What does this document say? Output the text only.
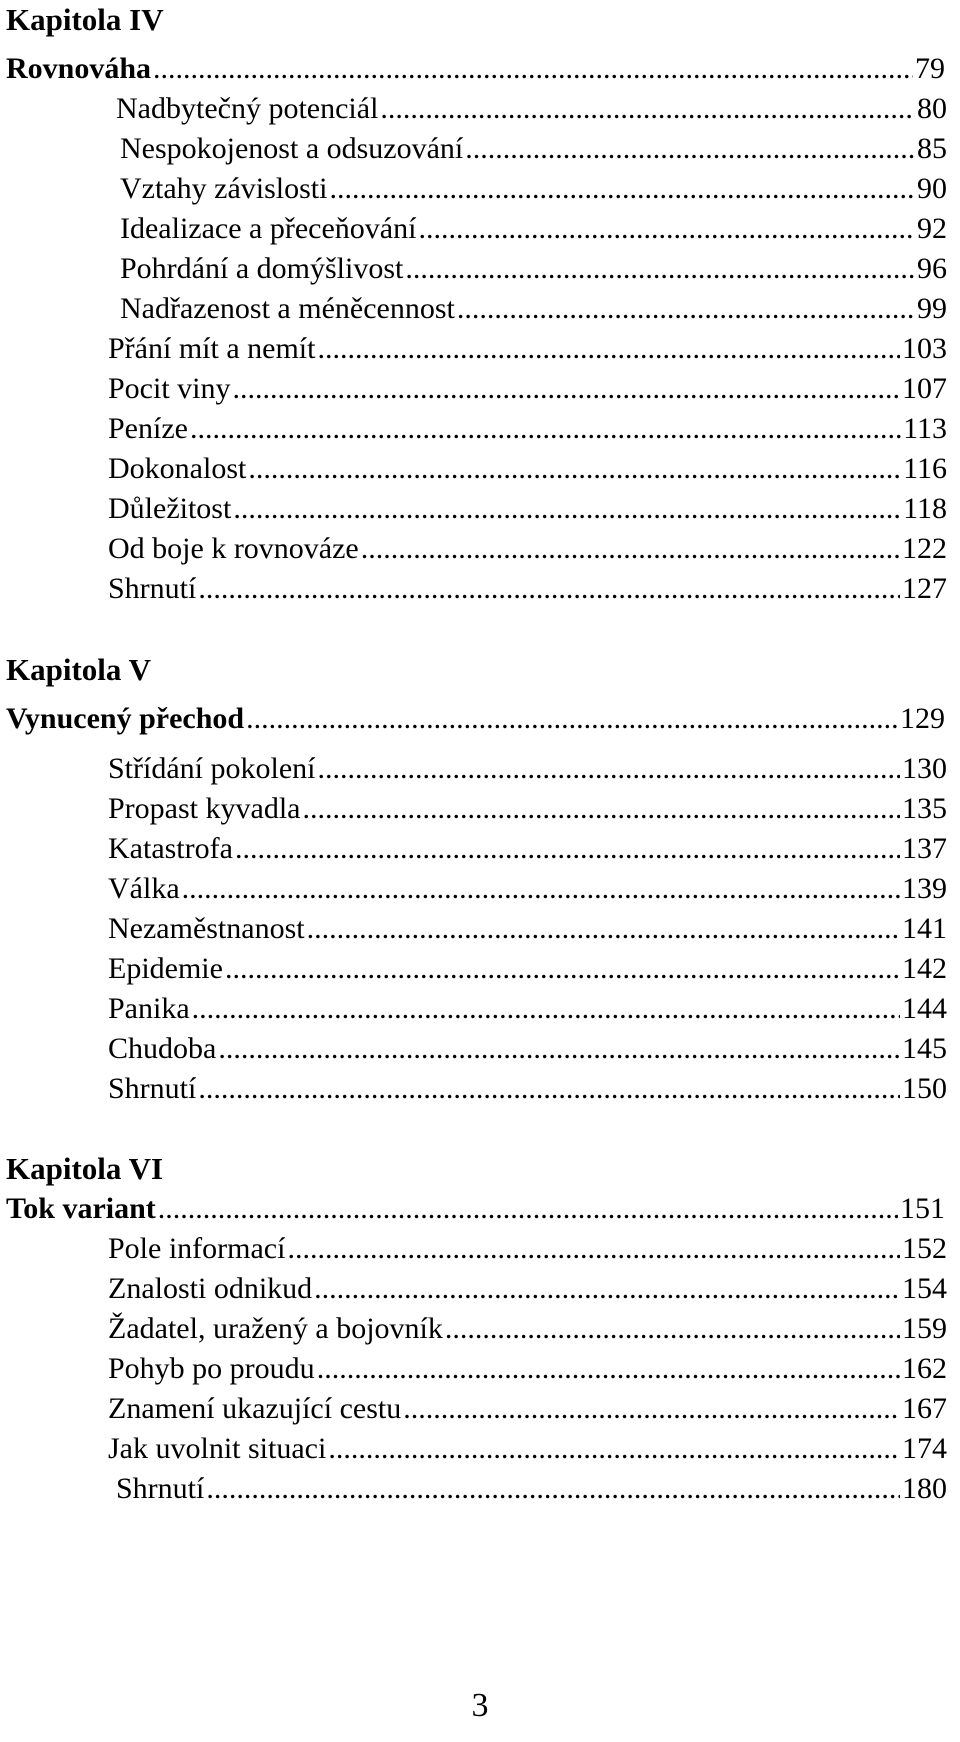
Kapitola IV
Rovnováha .....	79
Nadbytečný potenciál .....	80
Nespokojenost a odsuzování .....	85
Vztahy závislosti .....	90
Idealizace a přeceňování .....	92
Pohrdání a domýšlivost .....	96
Nadřazenost a méněcennost .....	99
Přání mít a nemít .....	103
Pocit viny .....	107
Peníze .....	113
Dokonalost .....	116
Důležitost .....	118
Od boje k rovnováze .....	122
Shrnutí .....	127
Kapitola V
Vynucený přechod .....	129
Střídání pokolení .....	130
Propast kyvadla .....	135
Katastrofa .....	137
Válka .....	139
Nezaměstnanost .....	141
Epidemie .....	142
Panika .....	144
Chudoba .....	145
Shrnutí .....	150
Kapitola VI
Tok variant .....	151
Pole informací .....	152
Znalosti odnikud .....	154
Žadatel, uražený a bojovník .....	159
Pohyb po proudu .....	162
Znamení ukazující cestu .....	167
Jak uvolnit situaci .....	174
Shrnutí .....	180
3
